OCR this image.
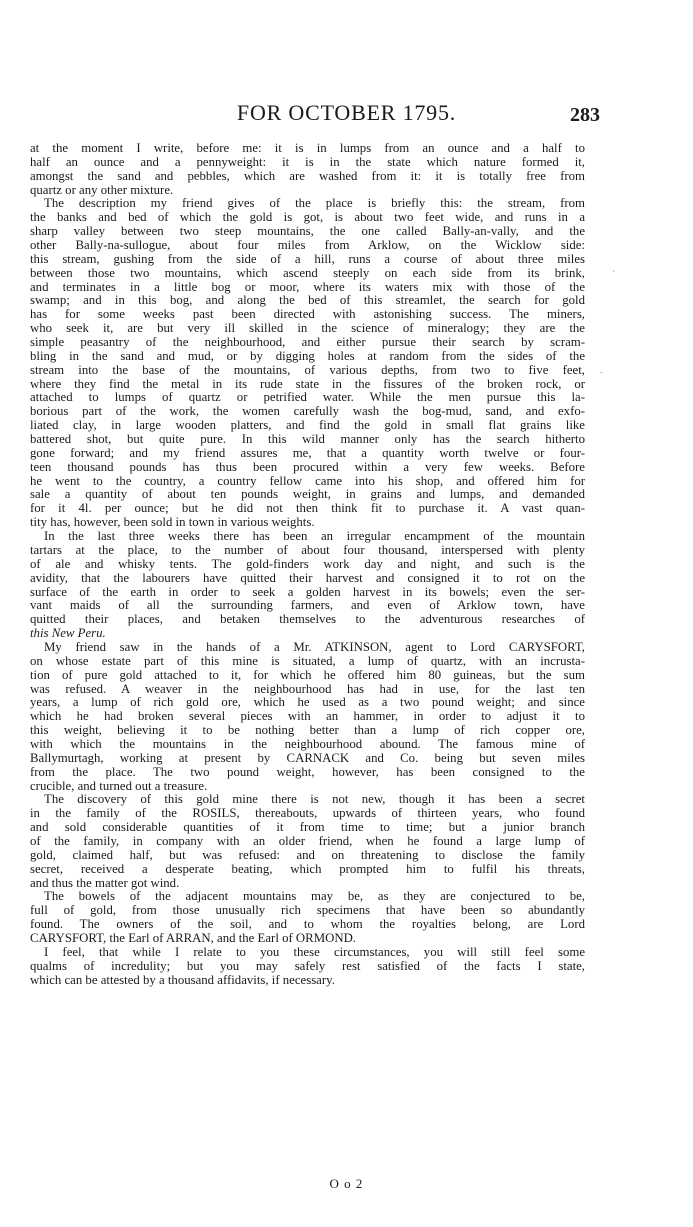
FOR OCTOBER 1795.	283
at the moment I write, before me: it is in lumps from an ounce and a half to
half an ounce and a pennyweight: it is in the state which nature formed it,
amongst the sand and pebbles, which are washed from it: it is totally free from
quartz or any other mixture.
The description my friend gives of the place is briefly this: the stream, from
the banks and bed of which the gold is got, is about two feet wide, and runs in a
sharp valley between two steep mountains, the one called Bally-an-vally, and the
other Bally-na-sullogue, about four miles from Arklow, on the Wicklow side:
this stream, gushing from the side of a hill, runs a course of about three miles
between those two mountains, which ascend steeply on each side from its brink,
and terminates in a little bog or moor, where its waters mix with those of the
swamp; and in this bog, and along the bed of this streamlet, the search for gold
has for some weeks past been directed with astonishing success. The miners,
who seek it, are but very ill skilled in the science of mineralogy; they are the
simple peasantry of the neighbourhood, and either pursue their search by scram-
bling in the sand and mud, or by digging holes at random from the sides of the
stream into the base of the mountains, of various depths, from two to five feet,
where they find the metal in its rude state in the fissures of the broken rock, or
attached to lumps of quartz or petrified water. While the men pursue this la-
borious part of the work, the women carefully wash the bog-mud, sand, and exfo-
liated clay, in large wooden platters, and find the gold in small flat grains like
battered shot, but quite pure. In this wild manner only has the search hitherto
gone forward; and my friend assures me, that a quantity worth twelve or four-
teen thousand pounds has thus been procured within a very few weeks. Before
he went to the country, a country fellow came into his shop, and offered him for
sale a quantity of about ten pounds weight, in grains and lumps, and demanded
for it 4l. per ounce; but he did not then think fit to purchase it. A vast quan-
tity has, however, been sold in town in various weights.
In the last three weeks there has been an irregular encampment of the mountain
tartars at the place, to the number of about four thousand, interspersed with plenty
of ale and whisky tents. The gold-finders work day and night, and such is the
avidity, that the labourers have quitted their harvest and consigned it to rot on the
surface of the earth in order to seek a golden harvest in its bowels; even the ser-
vant maids of all the surrounding farmers, and even of Arklow town, have
quitted their places, and betaken themselves to the adventurous researches of
this New Peru.
My friend saw in the hands of a Mr. ATKINSON, agent to Lord CARYSFORT,
on whose estate part of this mine is situated, a lump of quartz, with an incrusta-
tion of pure gold attached to it, for which he offered him 80 guineas, but the sum
was refused. A weaver in the neighbourhood has had in use, for the last ten
years, a lump of rich gold ore, which he used as a two pound weight; and since
which he had broken several pieces with an hammer, in order to adjust it to
this weight, believing it to be nothing better than a lump of rich copper ore,
with which the mountains in the neighbourhood abound. The famous mine of
Ballymurtagh, working at present by CARNACK and Co. being but seven miles
from the place. The two pound weight, however, has been consigned to the
crucible, and turned out a treasure.
The discovery of this gold mine there is not new, though it has been a secret
in the family of the ROSILS, thereabouts, upwards of thirteen years, who found
and sold considerable quantities of it from time to time; but a junior branch
of the family, in company with an older friend, when he found a large lump of
gold, claimed half, but was refused: and on threatening to disclose the family
secret, received a desperate beating, which prompted him to fulfil his threats,
and thus the matter got wind.
The bowels of the adjacent mountains may be, as they are conjectured to be,
full of gold, from those unusually rich specimens that have been so abundantly
found. The owners of the soil, and to whom the royalties belong, are Lord
CARYSFORT, the Earl of ARRAN, and the Earl of ORMOND.
I feel, that while I relate to you these circumstances, you will still feel some
qualms of incredulity; but you may safely rest satisfied of the facts I state,
which can be attested by a thousand affidavits, if necessary.
O o 2
`
.
